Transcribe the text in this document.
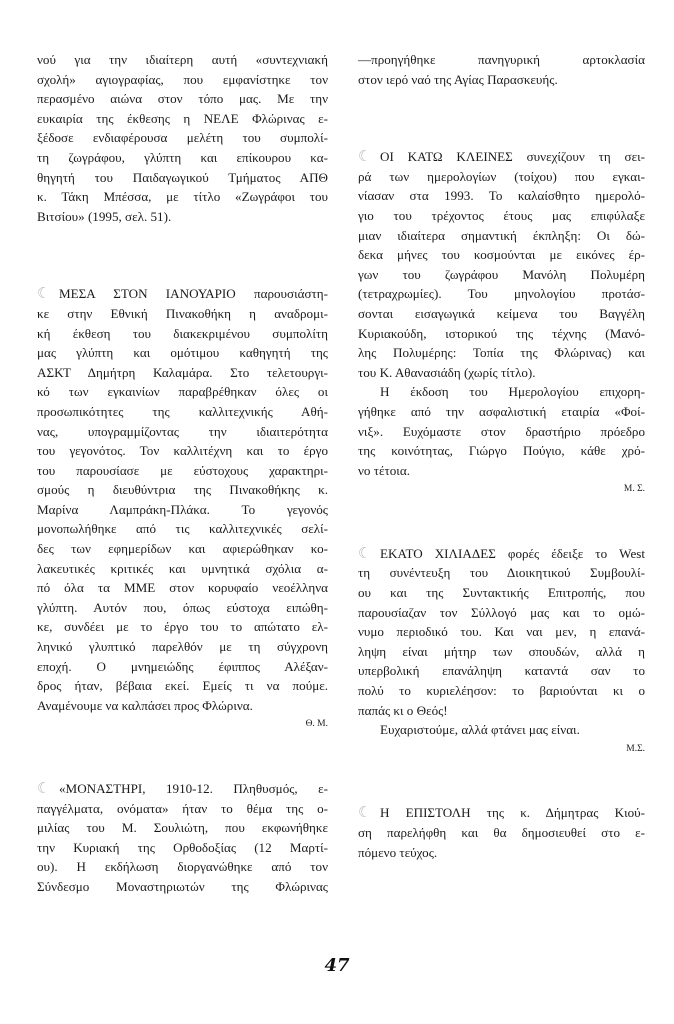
νού για την ιδιαίτερη αυτή «συντεχνιακή
σχολή» αγιογραφίας, που εμφανίστηκε τον
περασμένο αιώνα στον τόπο μας. Με την
ευκαιρία της έκθεσης η ΝΕΛΕ Φλώρινας ε-
ξέδοσε ενδιαφέρουσα μελέτη του συμπολί-
τη ζωγράφου, γλύπτη και επίκουρου κα-
θηγητή του Παιδαγωγικού Τμήματος ΑΠΘ
κ. Τάκη Μπέσσα, με τίτλο «Ζωγράφοι του
Βιτσίου» (1995, σελ. 51).
☾ ΜΕΣΑ ΣΤΟΝ ΙΑΝΟΥΑΡΙΟ παρουσιάστη-
κε στην Εθνική Πινακοθήκη η αναδρομι-
κή έκθεση του διακεκριμένου συμπολίτη
μας γλύπτη και ομότιμου καθηγητή της
ΑΣΚΤ Δημήτρη Καλαμάρα. Στο τελετουργι-
κό των εγκαινίων παραβρέθηκαν όλες οι
προσωπικότητες της καλλιτεχνικής Αθή-
νας, υπογραμμίζοντας την ιδιαιτερότητα
του γεγονότος. Τον καλλιτέχνη και το έργο
του παρουσίασε με εύστοχους χαρακτηρι-
σμούς η διευθύντρια της Πινακοθήκης κ.
Μαρίνα Λαμπράκη-Πλάκα. Το γεγονός
μονοπωλήθηκε από τις καλλιτεχνικές σελί-
δες των εφημερίδων και αφιερώθηκαν κο-
λακευτικές κριτικές και υμνητικά σχόλια α-
πό όλα τα ΜΜΕ στον κορυφαίο νεοέλληνα
γλύπτη. Αυτόν που, όπως εύστοχα ειπώθη-
κε, συνδέει με το έργο του το απώτατο ελ-
ληνικό γλυπτικό παρελθόν με τη σύγχρονη
εποχή. Ο μνημειώδης έφιππος Αλέξαν-
δρος ήταν, βέβαια εκεί. Εμείς τι να πούμε.
Αναμένουμε να καλπάσει προς Φλώρινα.
Θ. Μ.
☾ «ΜΟΝΑΣΤΗΡΙ, 1910-12. Πληθυσμός, ε-
παγγέλματα, ονόματα» ήταν το θέμα της ο-
μιλίας του Μ. Σουλιώτη, που εκφωνήθηκε
την Κυριακή της Ορθοδοξίας (12 Μαρτί-
ου). Η εκδήλωση διοργανώθηκε από τον
Σύνδεσμο Μοναστηριωτών της Φλώρινας
—προηγήθηκε πανηγυρική αρτοκλασία
στον ιερό ναό της Αγίας Παρασκευής.
☾ ΟΙ ΚΑΤΩ ΚΛΕΙΝΕΣ συνεχίζουν τη σει-
ρά των ημερολογίων (τοίχου) που εγκαι-
νίασαν στα 1993. Το καλαίσθητο ημερολό-
γιο του τρέχοντος έτους μας επιφύλαξε
μιαν ιδιαίτερα σημαντική έκπληξη: Οι δώ-
δεκα μήνες του κοσμούνται με εικόνες έρ-
γων του ζωγράφου Μανόλη Πολυμέρη
(τετραχρωμίες). Του μηνολογίου προτάσ-
σονται εισαγωγικά κείμενα του Βαγγέλη
Κυριακούδη, ιστορικού της τέχνης (Μανό-
λης Πολυμέρης: Τοπία της Φλώρινας) και
του Κ. Αθανασιάδη (χωρίς τίτλο).
Η έκδοση του Ημερολογίου επιχορη-
γήθηκε από την ασφαλιστική εταιρία «Φοί-
νιξ». Ευχόμαστε στον δραστήριο πρόεδρο
της κοινότητας, Γιώργο Πούγιο, κάθε χρό-
νο τέτοια.
Μ. Σ.
☾ ΕΚΑΤΟ ΧΙΛΙΑΔΕΣ φορές έδειξε το West
τη συνέντευξη του Διοικητικού Συμβουλί-
ου και της Συντακτικής Επιτροπής, που
παρουσίαζαν τον Σύλλογό μας και το ομώ-
νυμο περιοδικό του. Και ναι μεν, η επανά-
ληψη είναι μήτηρ των σπουδών, αλλά η
υπερβολική επανάληψη καταντά σαν το
πολύ το κυριελέησον: το βαριούνται κι ο
παπάς κι ο Θεός!
Ευχαριστούμε, αλλά φτάνει μας είναι.
Μ.Σ.
☾ Η ΕΠΙΣΤΟΛΗ της κ. Δήμητρας Κιού-
ση παρελήφθη και θα δημοσιευθεί στο ε-
πόμενο τεύχος.
47
